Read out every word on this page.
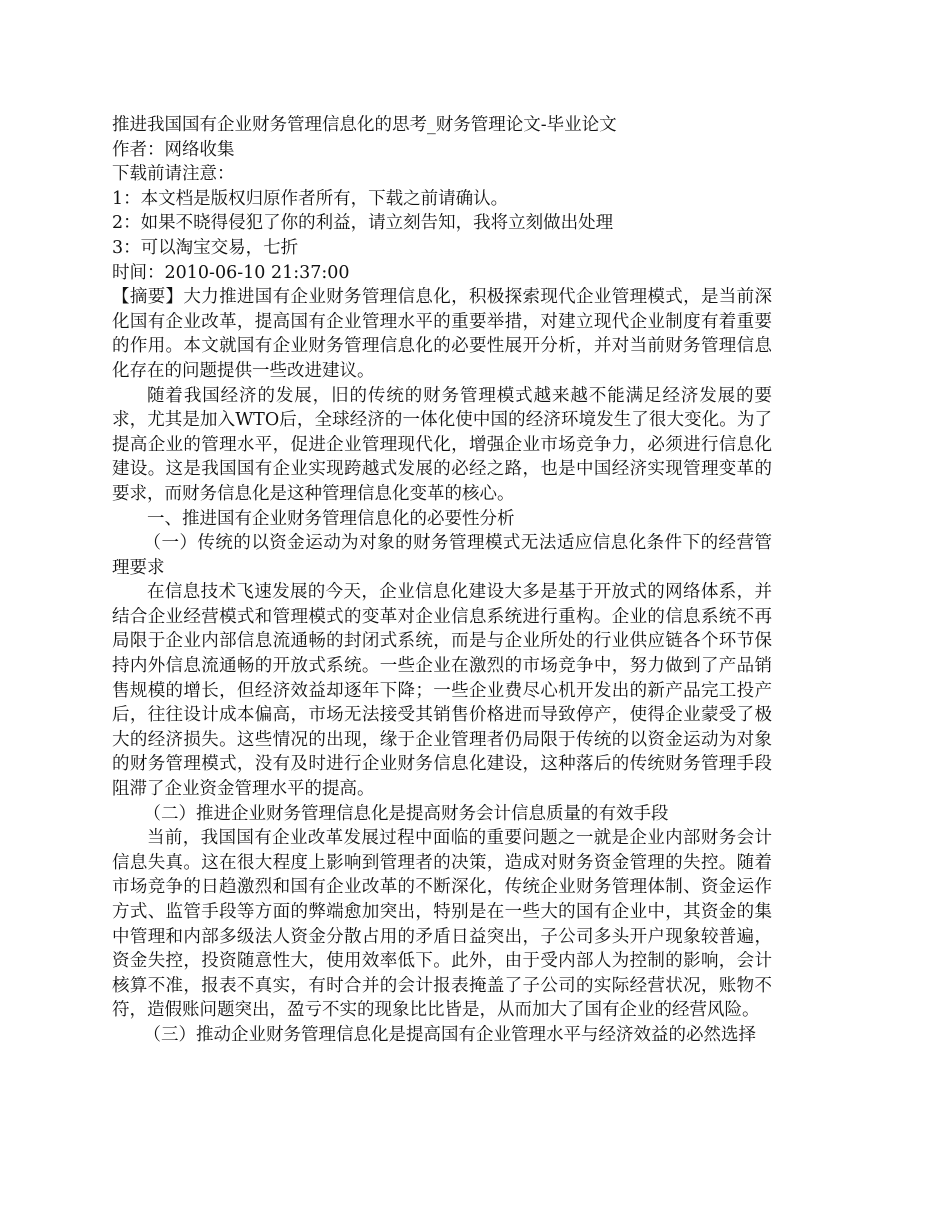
推进我国国有企业财务管理信息化的思考_财务管理论文-毕业论文
作者：网络收集
下载前请注意：
1：本文档是版权归原作者所有，下载之前请确认。
2：如果不晓得侵犯了你的利益，请立刻告知，我将立刻做出处理
3：可以淘宝交易，七折
时间：2010-06-10 21:37:00

【摘要】大力推进国有企业财务管理信息化，积极探索现代企业管理模式，是当前深化国有企业改革，提高国有企业管理水平的重要举措，对建立现代企业制度有着重要的作用。本文就国有企业财务管理信息化的必要性展开分析，并对当前财务管理信息化存在的问题提供一些改进建议。

随着我国经济的发展，旧的传统的财务管理模式越来越不能满足经济发展的要求，尤其是加入WTO后，全球经济的一体化使中国的经济环境发生了很大变化。为了提高企业的管理水平，促进企业管理现代化，增强企业市场竞争力，必须进行信息化建设。这是我国国有企业实现跨越式发展的必经之路，也是中国经济实现管理变革的要求，而财务信息化是这种管理信息化变革的核心。

一、推进国有企业财务管理信息化的必要性分析

（一）传统的以资金运动为对象的财务管理模式无法适应信息化条件下的经营管理要求

在信息技术飞速发展的今天，企业信息化建设大多是基于开放式的网络体系，并结合企业经营模式和管理模式的变革对企业信息系统进行重构。企业的信息系统不再局限于企业内部信息流通畅的封闭式系统，而是与企业所处的行业供应链各个环节保持内外信息流通畅的开放式系统。一些企业在激烈的市场竞争中，努力做到了产品销售规模的增长，但经济效益却逐年下降；一些企业费尽心机开发出的新产品完工投产后，往往设计成本偏高，市场无法接受其销售价格进而导致停产，使得企业蒙受了极大的经济损失。这些情况的出现，缘于企业管理者仍局限于传统的以资金运动为对象的财务管理模式，没有及时进行企业财务信息化建设，这种落后的传统财务管理手段阻滞了企业资金管理水平的提高。

（二）推进企业财务管理信息化是提高财务会计信息质量的有效手段

当前，我国国有企业改革发展过程中面临的重要问题之一就是企业内部财务会计信息失真。这在很大程度上影响到管理者的决策，造成对财务资金管理的失控。随着市场竞争的日趋激烈和国有企业改革的不断深化，传统企业财务管理体制、资金运作方式、监管手段等方面的弊端愈加突出，特别是在一些大的国有企业中，其资金的集中管理和内部多级法人资金分散占用的矛盾日益突出，子公司多头开户现象较普遍，资金失控，投资随意性大，使用效率低下。此外，由于受内部人为控制的影响，会计核算不准，报表不真实，有时合并的会计报表掩盖了子公司的实际经营状况，账物不符，造假账问题突出，盈亏不实的现象比比皆是，从而加大了国有企业的经营风险。

（三）推动企业财务管理信息化是提高国有企业管理水平与经济效益的必然选择
